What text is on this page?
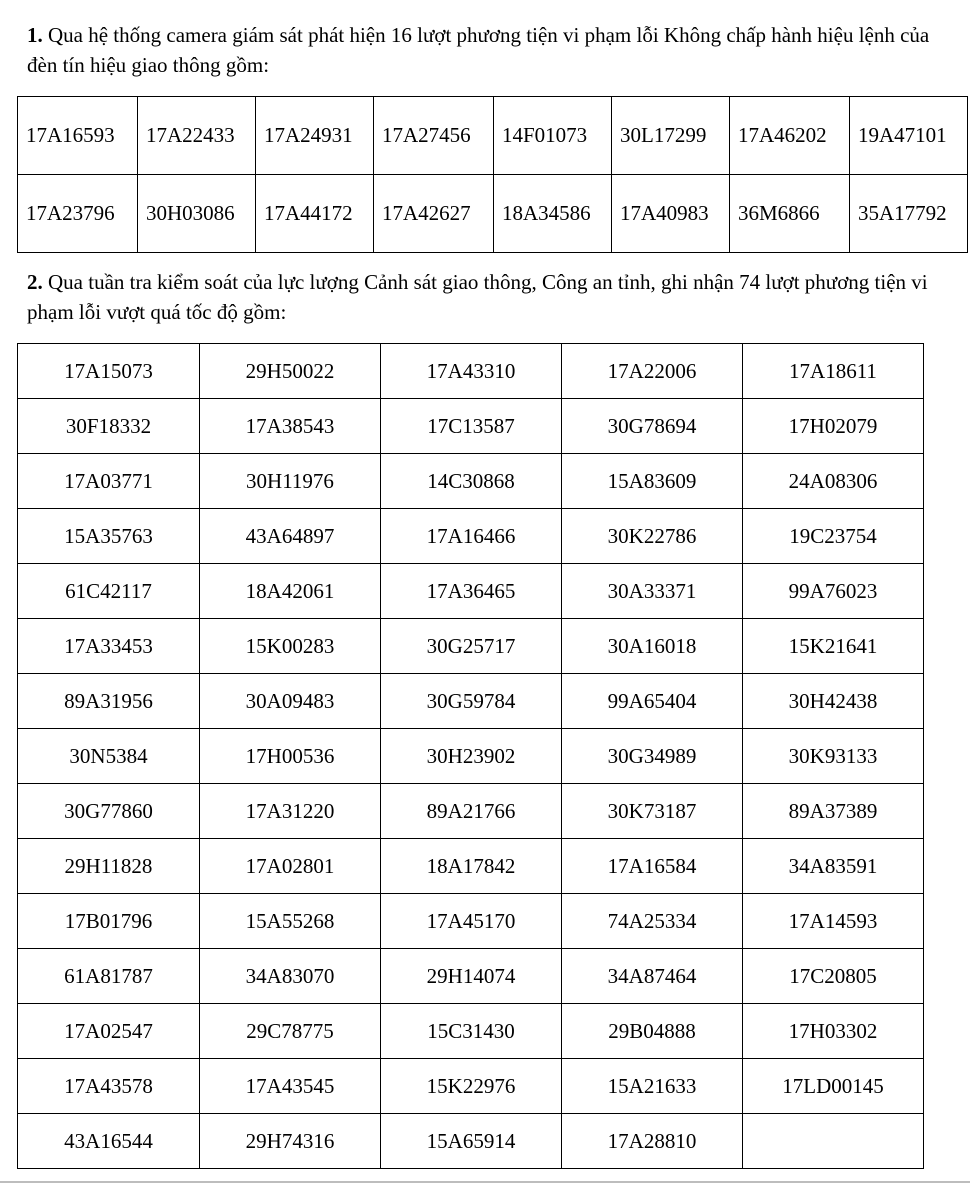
1. Qua hệ thống camera giám sát phát hiện 16 lượt phương tiện vi phạm lỗi Không chấp hành hiệu lệnh của đèn tín hiệu giao thông gồm:

17A16593	17A22433	17A24931	17A27456	14F01073	30L17299	17A46202	19A47101
17A23796	30H03086	17A44172	17A42627	18A34586	17A40983	36M6866	35A17792

2. Qua tuần tra kiểm soát của lực lượng Cảnh sát giao thông, Công an tỉnh, ghi nhận 74 lượt phương tiện vi phạm lỗi vượt quá tốc độ gồm:

17A15073	29H50022	17A43310	17A22006	17A18611
30F18332	17A38543	17C13587	30G78694	17H02079
17A03771	30H11976	14C30868	15A83609	24A08306
15A35763	43A64897	17A16466	30K22786	19C23754
61C42117	18A42061	17A36465	30A33371	99A76023
17A33453	15K00283	30G25717	30A16018	15K21641
89A31956	30A09483	30G59784	99A65404	30H42438
30N5384	17H00536	30H23902	30G34989	30K93133
30G77860	17A31220	89A21766	30K73187	89A37389
29H11828	17A02801	18A17842	17A16584	34A83591
17B01796	15A55268	17A45170	74A25334	17A14593
61A81787	34A83070	29H14074	34A87464	17C20805
17A02547	29C78775	15C31430	29B04888	17H03302
17A43578	17A43545	15K22976	15A21633	17LD00145
43A16544	29H74316	15A65914	17A28810	
